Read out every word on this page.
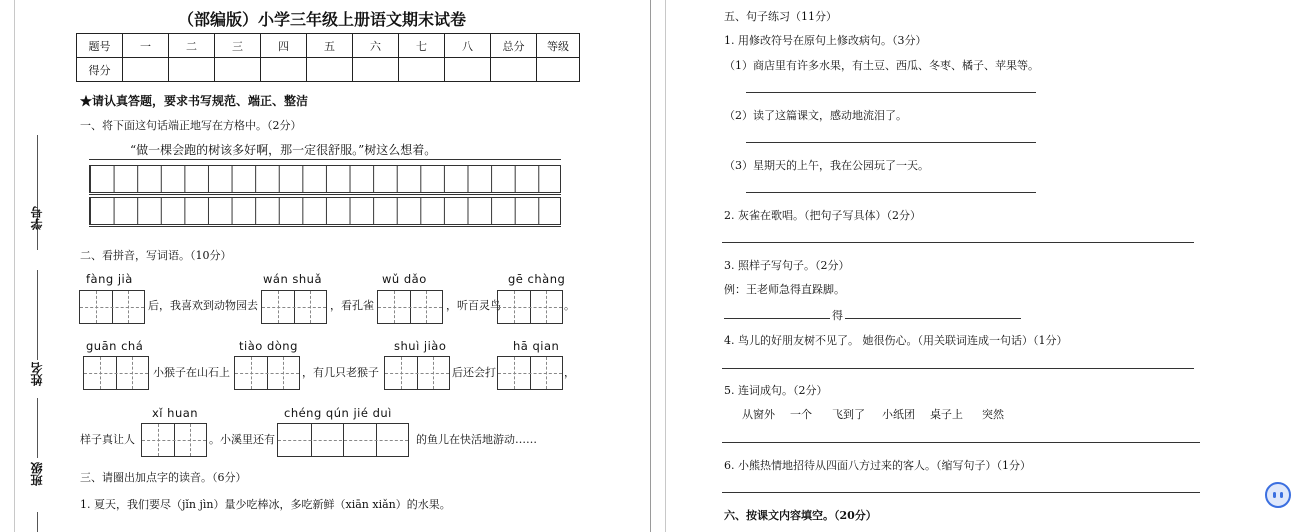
学号
姓名
班级
（部编版）小学三年级上册语文期末试卷
题号	一	二	三	四	五	六	七	八	总分	等级
得分										
★请认真答题，要求书写规范、端正、整洁
一、将下面这句话端正地写在方格中。（2分）
“做一棵会跑的树该多好啊，那一定很舒服。”树这么想着。
二、看拼音，写词语。（10分）
fàng jià
后，我喜欢到动物园去
wán shuǎ
，看孔雀
wǔ dǎo
，听百灵鸟
gē chàng
。
guān chá
小猴子在山石上
tiào dòng
，有几只老猴子
shuì jiào
后还会打
hā qian
，
样子真让人
xǐ huan
。小溪里还有
chéng qún jié duì
的鱼儿在快活地游动……
三、请圈出加点字的读音。（6分）
1. 夏天，我们要尽（jǐn jìn）量少吃棒冰，多吃新鲜（xiān xiǎn）的水果。
五、句子练习（11分）
1. 用修改符号在原句上修改病句。（3分）
（1）商店里有许多水果，有土豆、西瓜、冬枣、橘子、苹果等。
（2）读了这篇课文，感动地流泪了。
（3）星期天的上午，我在公园玩了一天。
2. 灰雀在歌唱。（把句子写具体）（2分）
3. 照样子写句子。（2分）
例：王老师急得直跺脚。
得
4. 鸟儿的好朋友树不见了。 她很伤心。（用关联词连成一句话）（1分）
5. 连词成句。（2分）
从窗外 一个 飞到了 小纸团 桌子上 突然
6. 小熊热情地招待从四面八方过来的客人。（缩写句子）（1分）
六、按课文内容填空。（20分）
